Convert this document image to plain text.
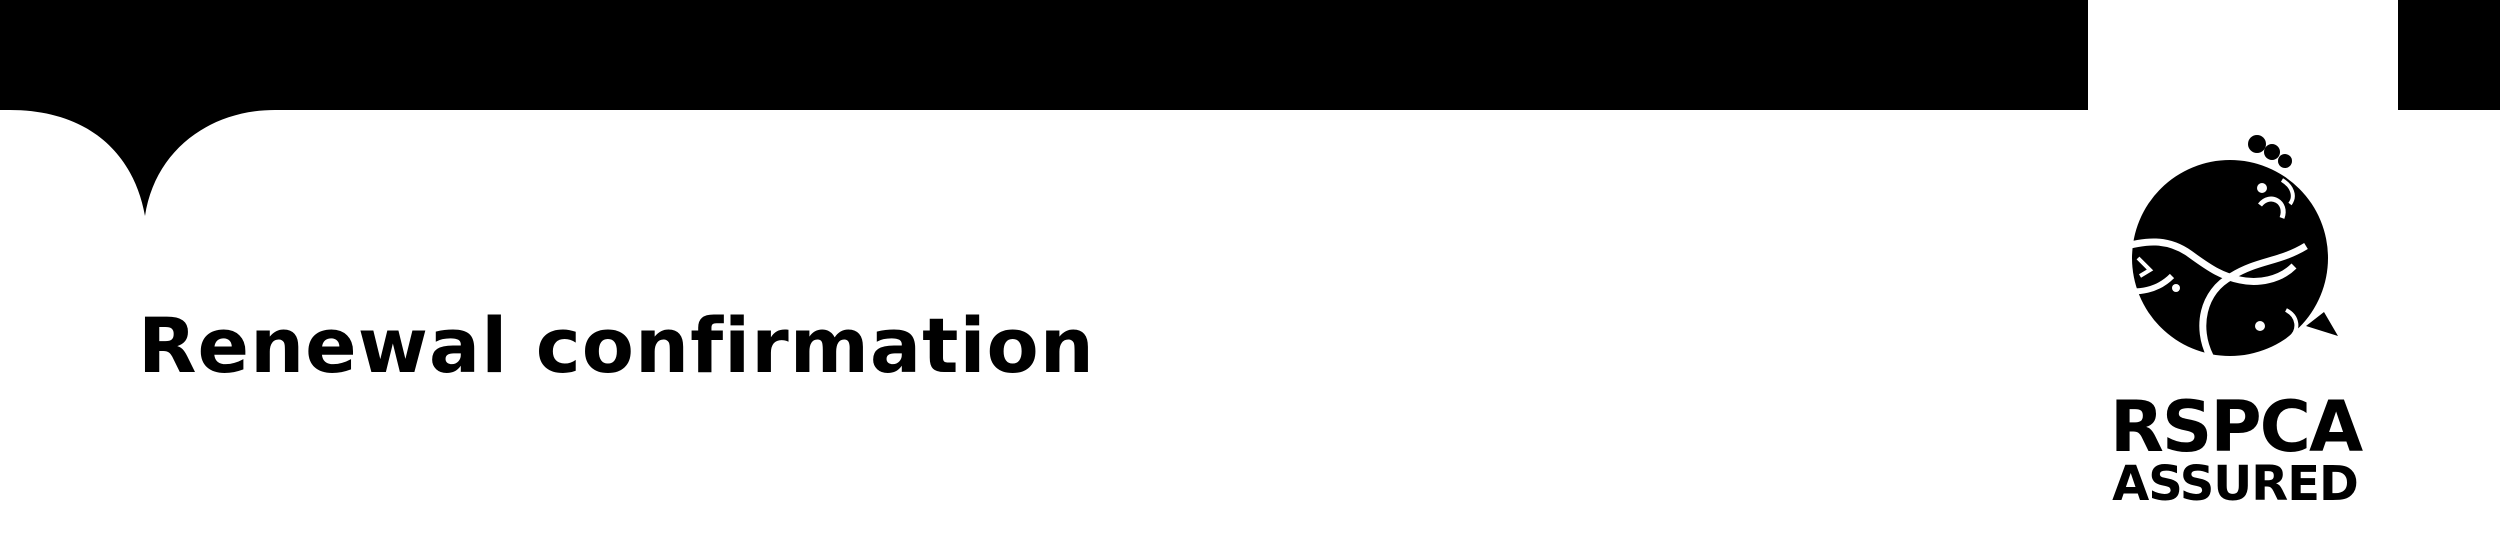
Renewal confirmation
RSPCA
ASSURED
